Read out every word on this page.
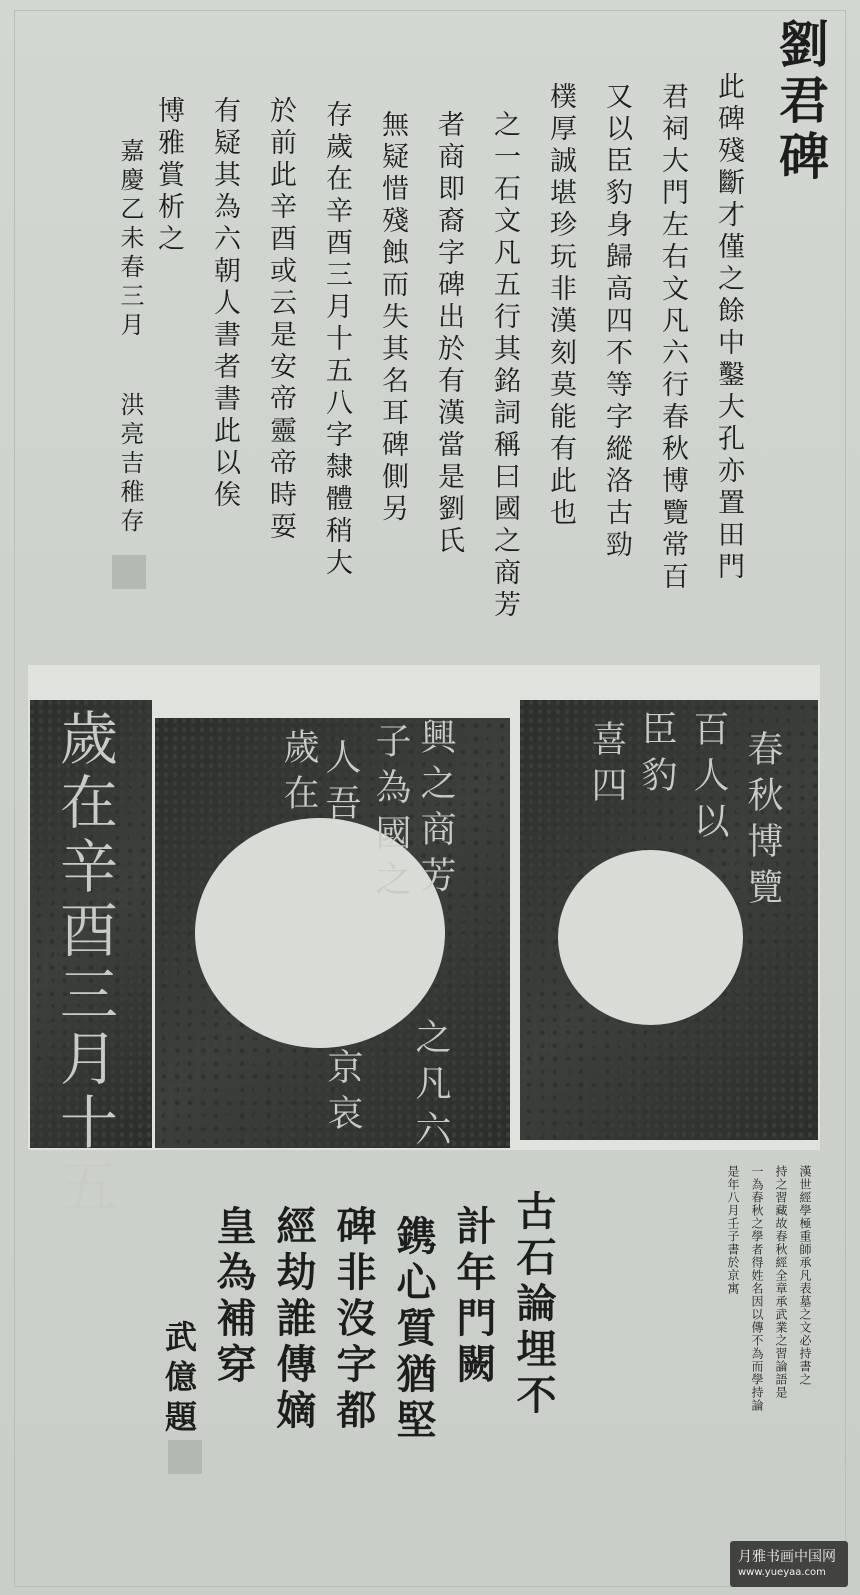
劉君碑
此碑殘斷才僅之餘中鑿大孔亦置田門
君祠大門左右文凡六行春秋博覽常百
又以臣豹身歸高四不等字縱洛古勁
樸厚誠堪珍玩非漢刻莫能有此也
之一石文凡五行其銘詞稱曰國之商芳
者商即裔字碑出於有漢當是劉氏
無疑惜殘蝕而失其名耳碑側另
存歲在辛酉三月十五八字隸體稍大
於前此辛酉或云是安帝靈帝時耍
有疑其為六朝人書者書此以俟
博雅賞析之
嘉慶乙未春三月
洪亮吉稚存
歲在辛酉三月十五	歲在 人吾 子為國之 興之商芳
之凡六
京哀
春秋博覽
百人以
臣豹
喜四
古石論埋不
計年門闕
鎸心質猶堅
碑非沒字都
經劫誰傳嫡
皇為補穿
武億題	漢世經學極重師承凡表墓之文必持書之
持之習藏故春秋經全章承武業之習論語是
一為春秋之學者得姓名因以傳不為而學持論
是年八月壬子書於京寓
月雅书画中国网
www.yueyaa.com
